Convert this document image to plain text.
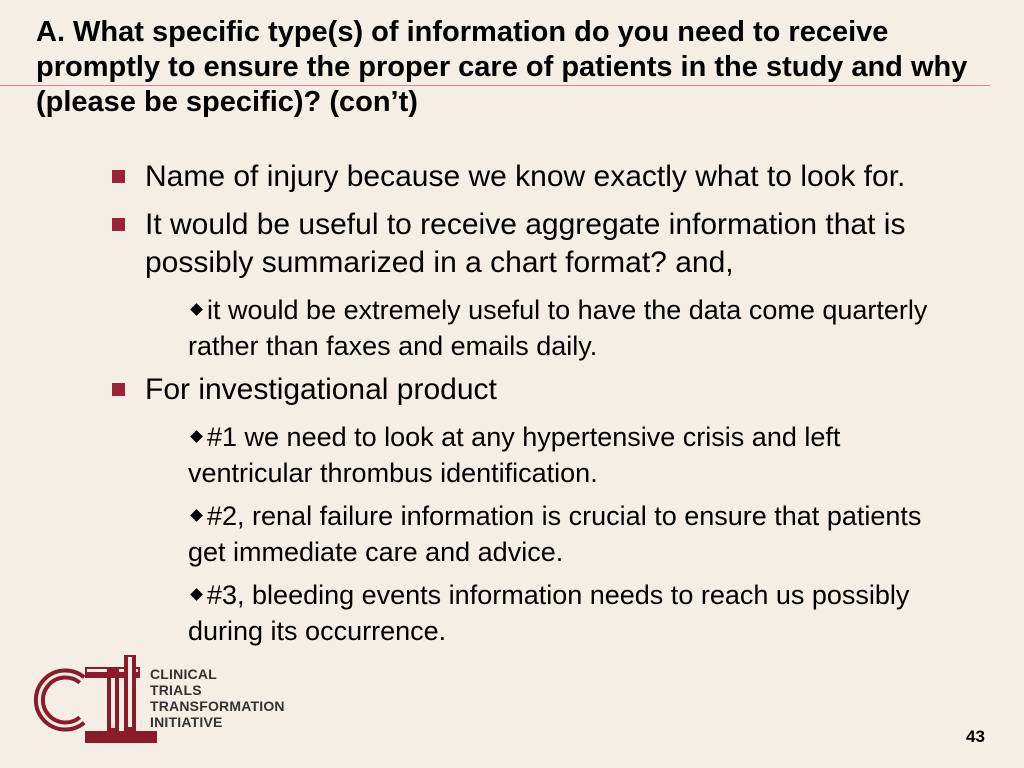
A. What specific type(s) of information do you need to receive promptly to ensure the proper care of patients in the study and why (please be specific)? (con’t)
Name of injury because we know exactly what to look for.
It would be useful to receive aggregate information that is possibly summarized in a chart format? and,
it would be extremely useful to have the data come quarterly rather than faxes and emails daily.
For investigational product
#1 we need to look at any hypertensive crisis and left ventricular thrombus identification.
#2, renal failure information is crucial to ensure that patients get immediate care and advice.
#3, bleeding events information needs to reach us possibly during its occurrence.
CLINICAL
TRIALS
TRANSFORMATION
INITIATIVE
43
